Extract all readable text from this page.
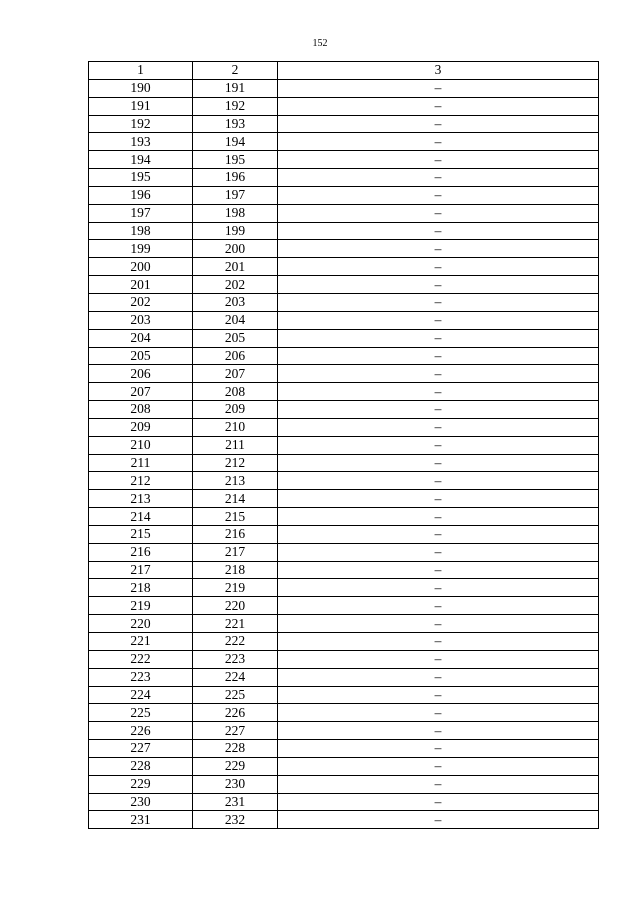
152
1	2	3
190	191	–
191	192	–
192	193	–
193	194	–
194	195	–
195	196	–
196	197	–
197	198	–
198	199	–
199	200	–
200	201	–
201	202	–
202	203	–
203	204	–
204	205	–
205	206	–
206	207	–
207	208	–
208	209	–
209	210	–
210	211	–
211	212	–
212	213	–
213	214	–
214	215	–
215	216	–
216	217	–
217	218	–
218	219	–
219	220	–
220	221	–
221	222	–
222	223	–
223	224	–
224	225	–
225	226	–
226	227	–
227	228	–
228	229	–
229	230	–
230	231	–
231	232	–
